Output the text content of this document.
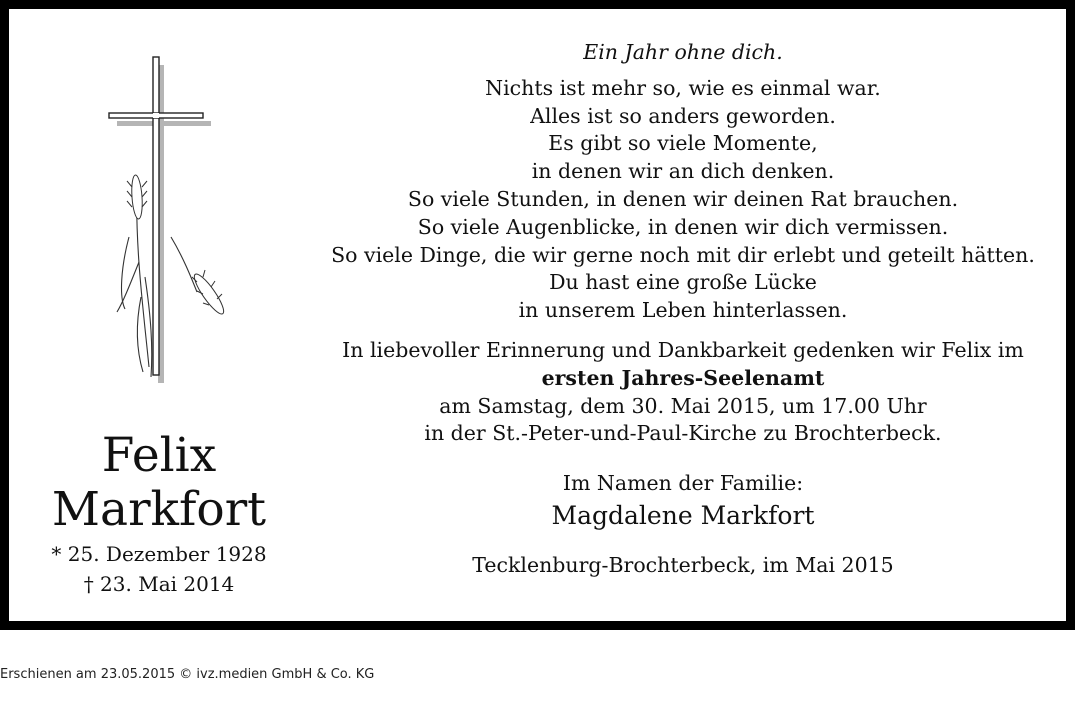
Felix
Markfort
* 25. Dezember 1928
† 23. Mai 2014
Ein Jahr ohne dich.
Nichts ist mehr so, wie es einmal war.
Alles ist so anders geworden.
Es gibt so viele Momente,
in denen wir an dich denken.
So viele Stunden, in denen wir deinen Rat brauchen.
So viele Augenblicke, in denen wir dich vermissen.
So viele Dinge, die wir gerne noch mit dir erlebt und geteilt hätten.
Du hast eine große Lücke
in unserem Leben hinterlassen.
In liebevoller Erinnerung und Dankbarkeit gedenken wir Felix im
ersten Jahres-Seelenamt
am Samstag, dem 30. Mai 2015, um 17.00 Uhr
in der St.-Peter-und-Paul-Kirche zu Brochterbeck.
Im Namen der Familie:
Magdalene Markfort
Tecklenburg-Brochterbeck, im Mai 2015
Erschienen am 23.05.2015 © ivz.medien GmbH & Co. KG
